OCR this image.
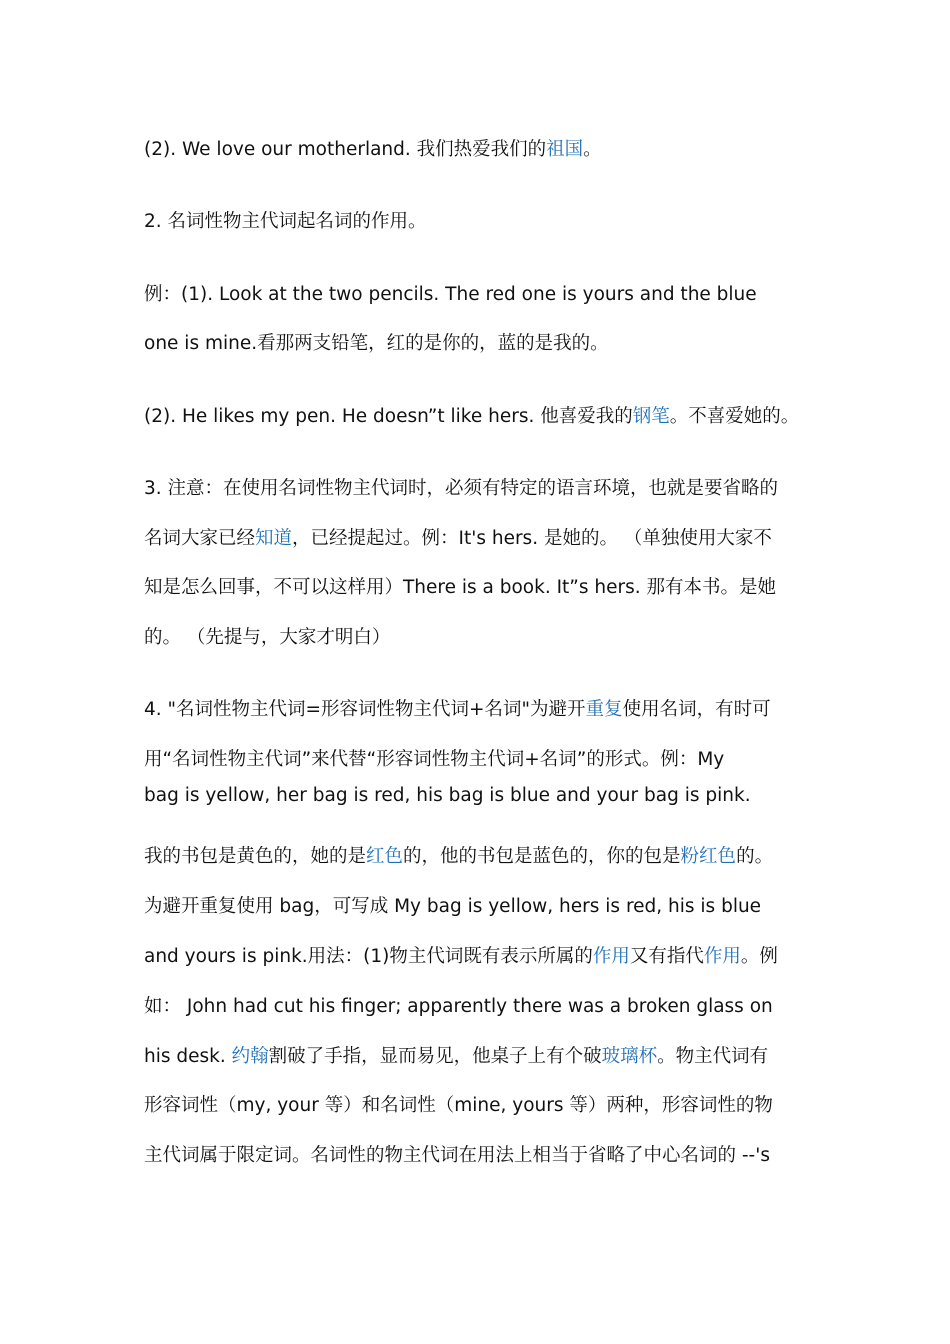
(2). We love our motherland. 我们热爱我们的祖国。
2. 名词性物主代词起名词的作用。
例：(1). Look at the two pencils. The red one is yours and the blue
one is mine.看那两支铅笔，红的是你的，蓝的是我的。
(2). He likes my pen. He doesn”t like hers. 他喜爱我的钢笔。不喜爱她的。
3. 注意：在使用名词性物主代词时，必须有特定的语言环境，也就是要省略的
名词大家已经知道，已经提起过。例：It's hers. 是她的。 （单独使用大家不
知是怎么回事，不可以这样用）There is a book. It”s hers. 那有本书。是她
的。 （先提与，大家才明白）
4. "名词性物主代词=形容词性物主代词+名词"为避开重复使用名词，有时可
用“名词性物主代词”来代替“形容词性物主代词+名词”的形式。例：My
bag is yellow, her bag is red, his bag is blue and your bag is pink.
我的书包是黄色的，她的是红色的，他的书包是蓝色的，你的包是粉红色的。
为避开重复使用 bag，可写成 My bag is yellow, hers is red, his is blue
and yours is pink.用法：(1)物主代词既有表示所属的作用又有指代作用。例
如： John had cut his finger; apparently there was a broken glass on
his desk. 约翰割破了手指，显而易见，他桌子上有个破玻璃杯。物主代词有
形容词性（my, your 等）和名词性（mine, yours 等）两种，形容词性的物
主代词属于限定词。名词性的物主代词在用法上相当于省略了中心名词的 --'s
